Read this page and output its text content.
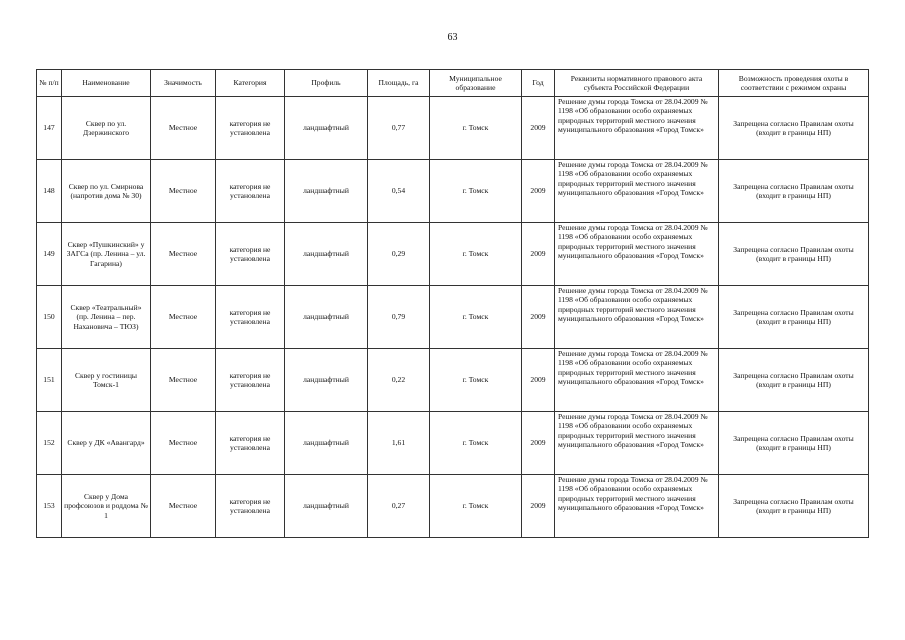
63
№ п/п	Наименование	Значимость	Категория	Профиль	Площадь, га	Муниципальное образование	Год	Реквизиты нормативного правового акта субъекта Российской Федерации	Возможность проведения охоты в соответствии с режимом охраны
147	Сквер по ул. Дзержинского	Местное	категория не установлена	ландшафтный	0,77	г. Томск	2009	Решение думы города Томска от 28.04.2009 № 1198 «Об образовании особо охраняемых природных территорий местного значения муниципального образования «Город Томск»	Запрещена согласно Правилам охоты (входит в границы НП)
148	Сквер по ул. Смирнова (напротив дома № 30)	Местное	категория не установлена	ландшафтный	0,54	г. Томск	2009	Решение думы города Томска от 28.04.2009 № 1198 «Об образовании особо охраняемых природных территорий местного значения муниципального образования «Город Томск»	Запрещена согласно Правилам охоты (входит в границы НП)
149	Сквер «Пушкинский» у ЗАГСа (пр. Ленина – ул. Гагарина)	Местное	категория не установлена	ландшафтный	0,29	г. Томск	2009	Решение думы города Томска от 28.04.2009 № 1198 «Об образовании особо охраняемых природных территорий местного значения муниципального образования «Город Томск»	Запрещена согласно Правилам охоты (входит в границы НП)
150	Сквер «Театральный» (пр. Ленина – пер. Нахановича – ТЮЗ)	Местное	категория не установлена	ландшафтный	0,79	г. Томск	2009	Решение думы города Томска от 28.04.2009 № 1198 «Об образовании особо охраняемых природных территорий местного значения муниципального образования «Город Томск»	Запрещена согласно Правилам охоты (входит в границы НП)
151	Сквер у гостиницы Томск-1	Местное	категория не установлена	ландшафтный	0,22	г. Томск	2009	Решение думы города Томска от 28.04.2009 № 1198 «Об образовании особо охраняемых природных территорий местного значения муниципального образования «Город Томск»	Запрещена согласно Правилам охоты (входит в границы НП)
152	Сквер у ДК «Авангард»	Местное	категория не установлена	ландшафтный	1,61	г. Томск	2009	Решение думы города Томска от 28.04.2009 № 1198 «Об образовании особо охраняемых природных территорий местного значения муниципального образования «Город Томск»	Запрещена согласно Правилам охоты (входит в границы НП)
153	Сквер у Дома профсоюзов и роддома № 1	Местное	категория не установлена	ландшафтный	0,27	г. Томск	2009	Решение думы города Томска от 28.04.2009 № 1198 «Об образовании особо охраняемых природных территорий местного значения муниципального образования «Город Томск»	Запрещена согласно Правилам охоты (входит в границы НП)
